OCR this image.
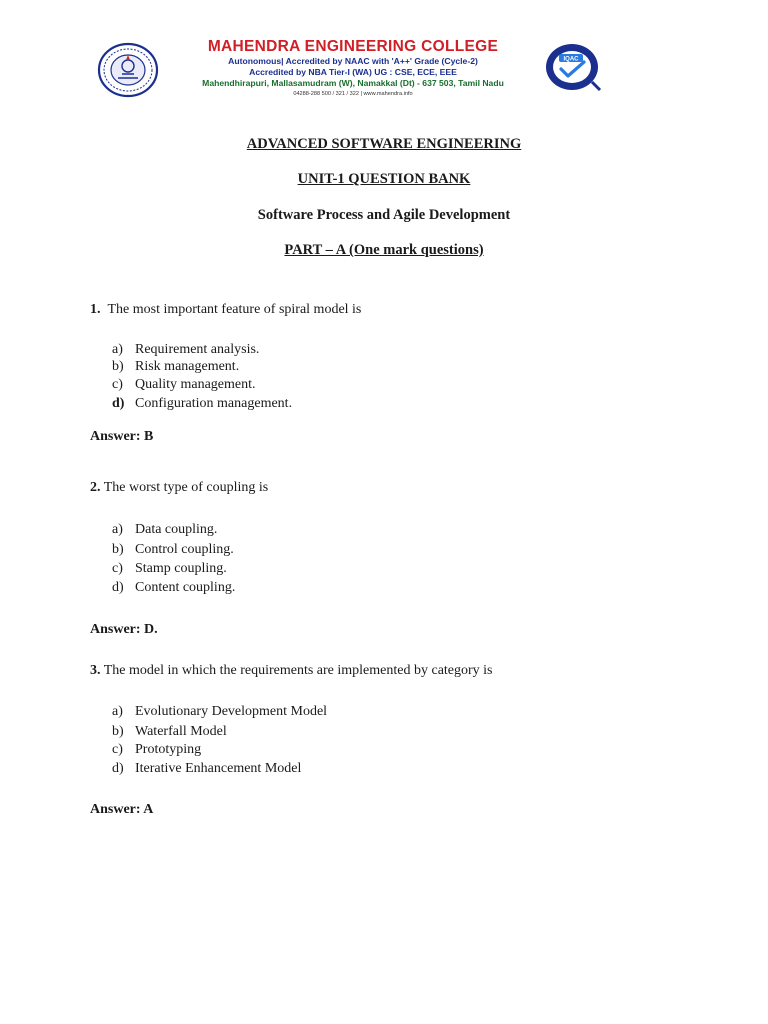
MAHENDRA ENGINEERING COLLEGE
Autonomous| Accredited by NAAC with 'A++' Grade (Cycle-2)
Accredited by NBA Tier-I (WA) UG : CSE, ECE, EEE
Mahendhirapuri, Mallasamudram (W), Namakkal (Dt) - 637 503, Tamil Nadu
04288-288 500 / 321 / 322 | www.mahendra.info
IQAC
ADVANCED SOFTWARE ENGINEERING
UNIT-1 QUESTION BANK
Software Process and Agile Development
PART – A (One mark questions)
1. The most important feature of spiral model is
a) Requirement analysis.
b) Risk management.
c) Quality management.
d) Configuration management.
Answer: B
2. The worst type of coupling is
a) Data coupling.
b) Control coupling.
c) Stamp coupling.
d) Content coupling.
Answer: D.
3. The model in which the requirements are implemented by category is
a) Evolutionary Development Model
b) Waterfall Model
c) Prototyping
d) Iterative Enhancement Model
Answer: A
